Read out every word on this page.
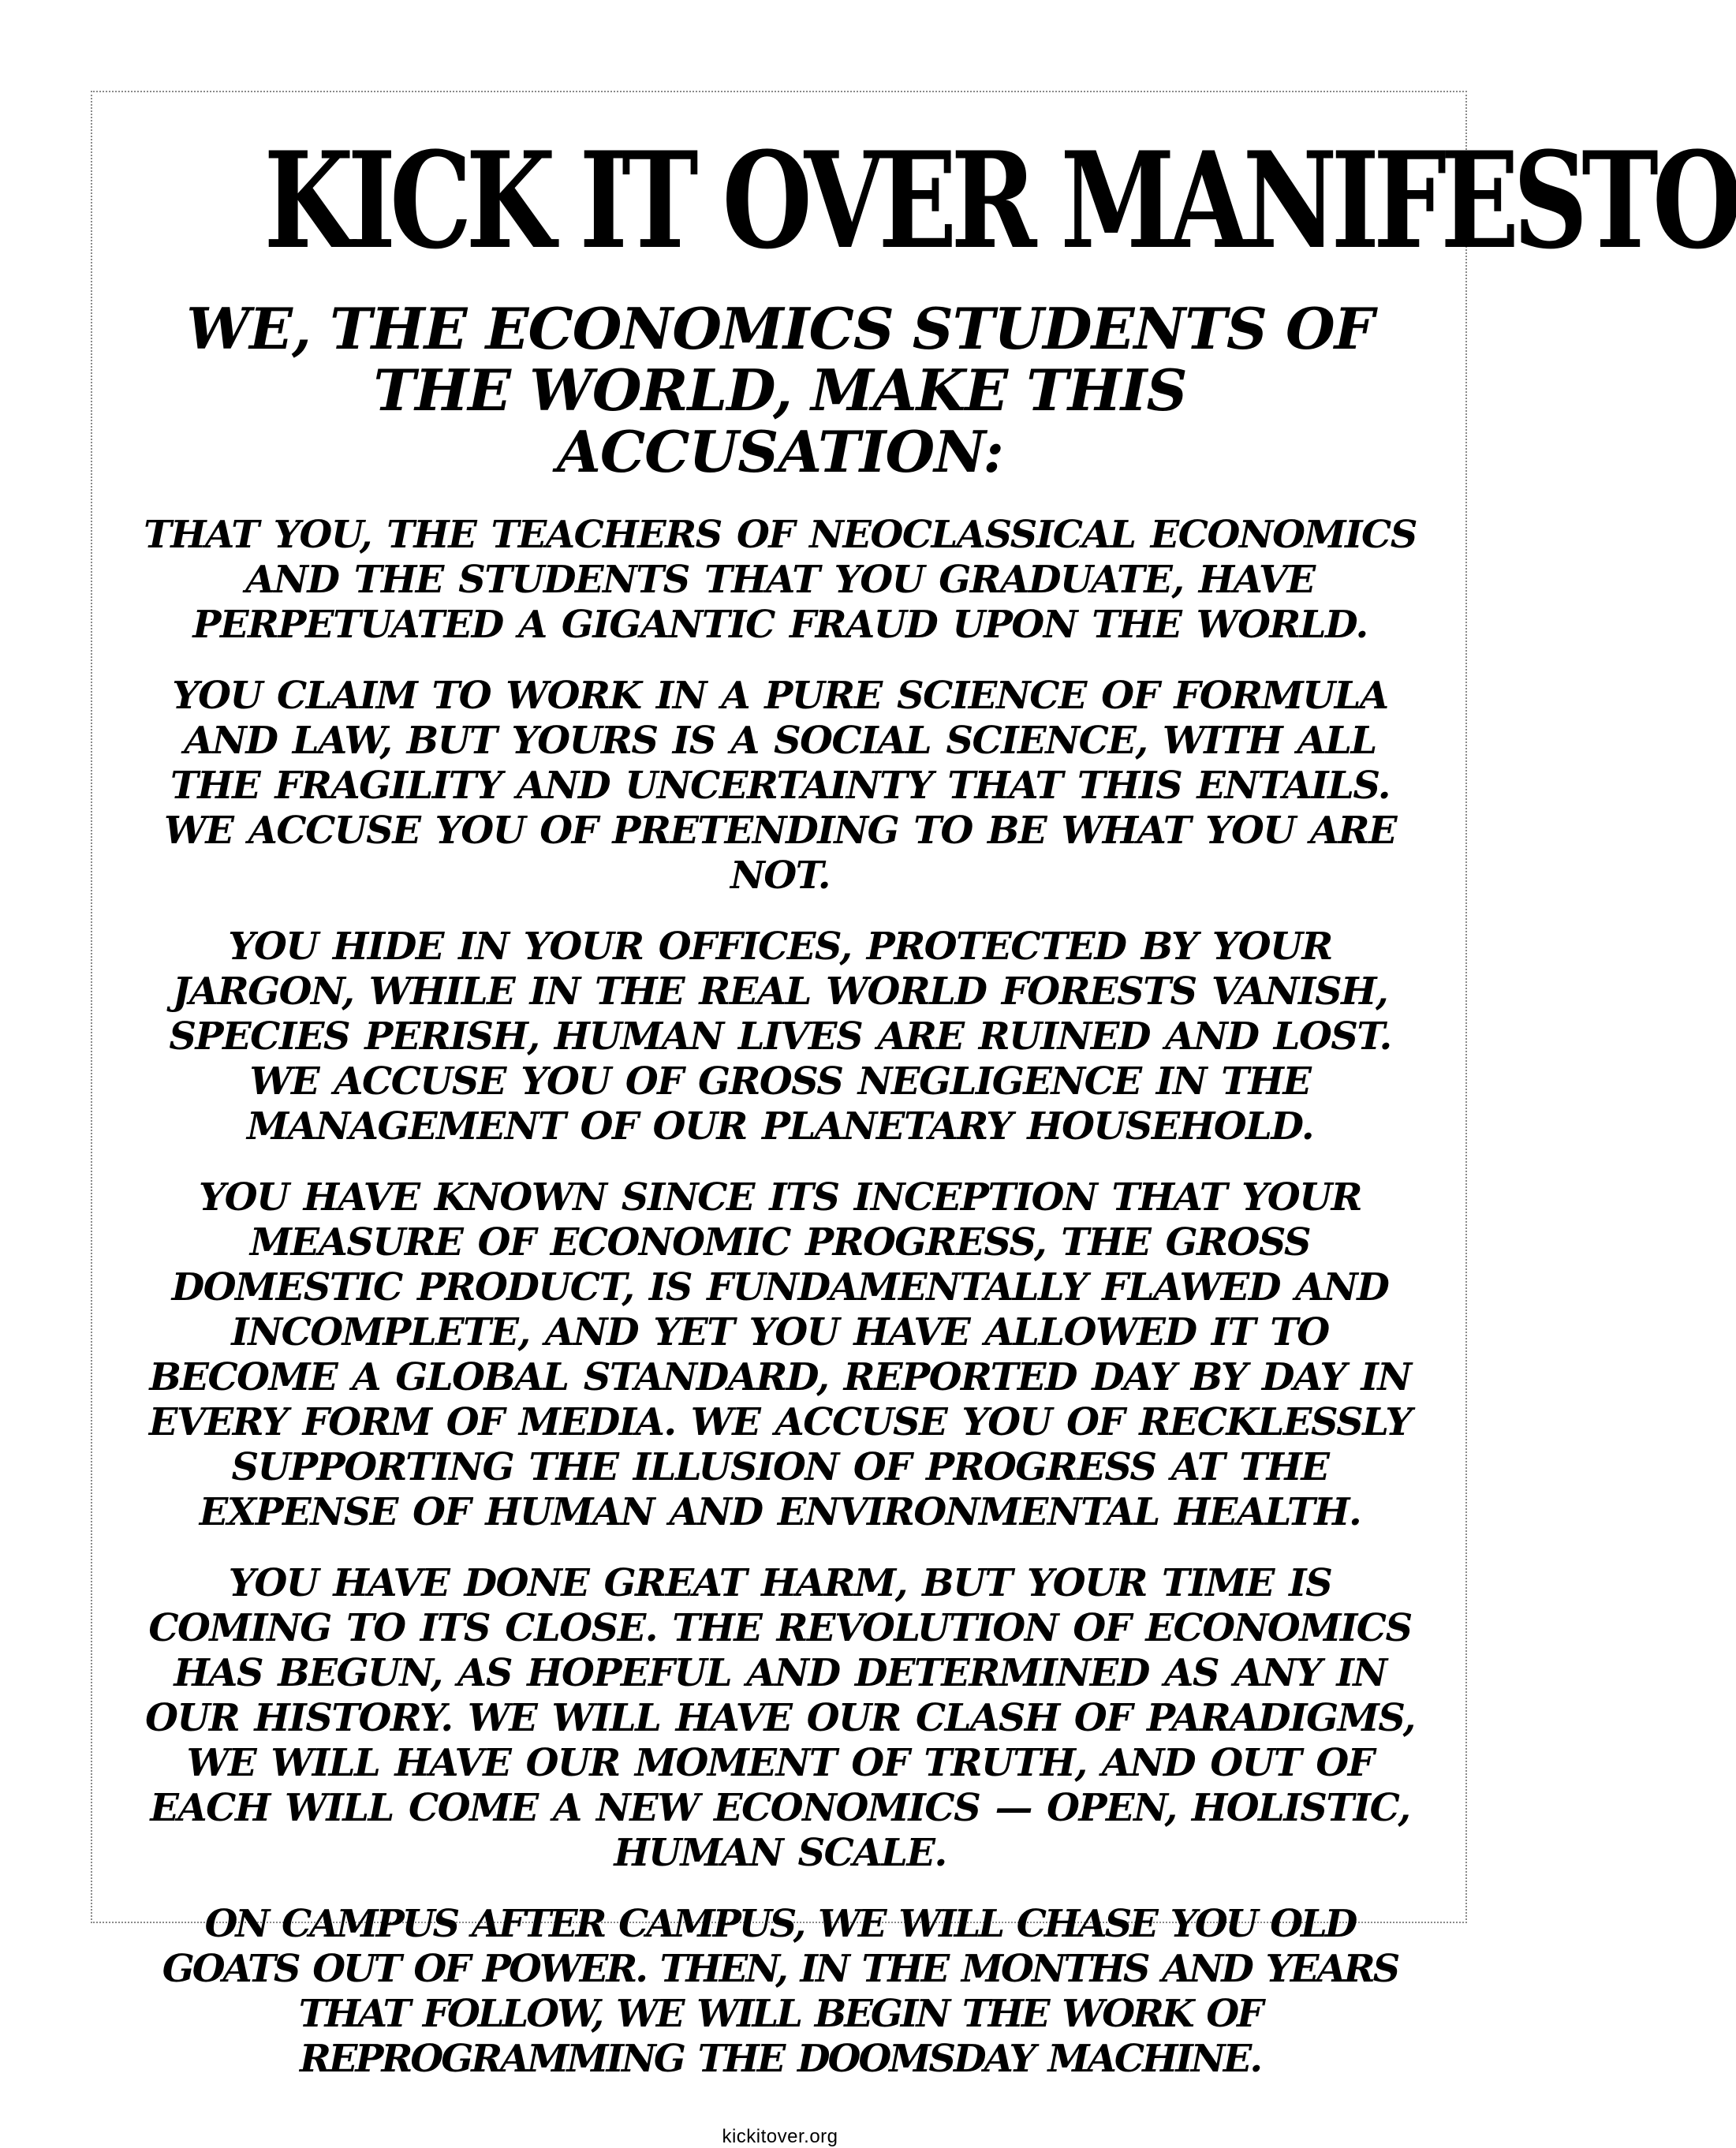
KICK IT OVER MANIFESTO
WE, THE ECONOMICS STUDENTS OF THE WORLD, MAKE THIS ACCUSATION:

THAT YOU, THE TEACHERS OF NEOCLASSICAL ECONOMICS AND THE STUDENTS THAT YOU GRADUATE, HAVE PERPETUATED A GIGANTIC FRAUD UPON THE WORLD.

YOU CLAIM TO WORK IN A PURE SCIENCE OF FORMULA AND LAW, BUT YOURS IS A SOCIAL SCIENCE, WITH ALL THE FRAGILITY AND UNCERTAINTY THAT THIS ENTAILS. WE ACCUSE YOU OF PRETENDING TO BE WHAT YOU ARE NOT.

YOU HIDE IN YOUR OFFICES, PROTECTED BY YOUR JARGON, WHILE IN THE REAL WORLD FORESTS VANISH, SPECIES PERISH, HUMAN LIVES ARE RUINED AND LOST. WE ACCUSE YOU OF GROSS NEGLIGENCE IN THE MANAGEMENT OF OUR PLANETARY HOUSEHOLD.

YOU HAVE KNOWN SINCE ITS INCEPTION THAT YOUR MEASURE OF ECONOMIC PROGRESS, THE GROSS DOMESTIC PRODUCT, IS FUNDAMENTALLY FLAWED AND INCOMPLETE, AND YET YOU HAVE ALLOWED IT TO BECOME A GLOBAL STANDARD, REPORTED DAY BY DAY IN EVERY FORM OF MEDIA. WE ACCUSE YOU OF RECKLESSLY SUPPORTING THE ILLUSION OF PROGRESS AT THE EXPENSE OF HUMAN AND ENVIRONMENTAL HEALTH.

YOU HAVE DONE GREAT HARM, BUT YOUR TIME IS COMING TO ITS CLOSE. THE REVOLUTION OF ECONOMICS HAS BEGUN, AS HOPEFUL AND DETERMINED AS ANY IN OUR HISTORY. WE WILL HAVE OUR CLASH OF PARADIGMS, WE WILL HAVE OUR MOMENT OF TRUTH, AND OUT OF EACH WILL COME A NEW ECONOMICS — OPEN, HOLISTIC, HUMAN SCALE.

ON CAMPUS AFTER CAMPUS, WE WILL CHASE YOU OLD GOATS OUT OF POWER. THEN, IN THE MONTHS AND YEARS THAT FOLLOW, WE WILL BEGIN THE WORK OF REPROGRAMMING THE DOOMSDAY MACHINE.

kickitover.org
